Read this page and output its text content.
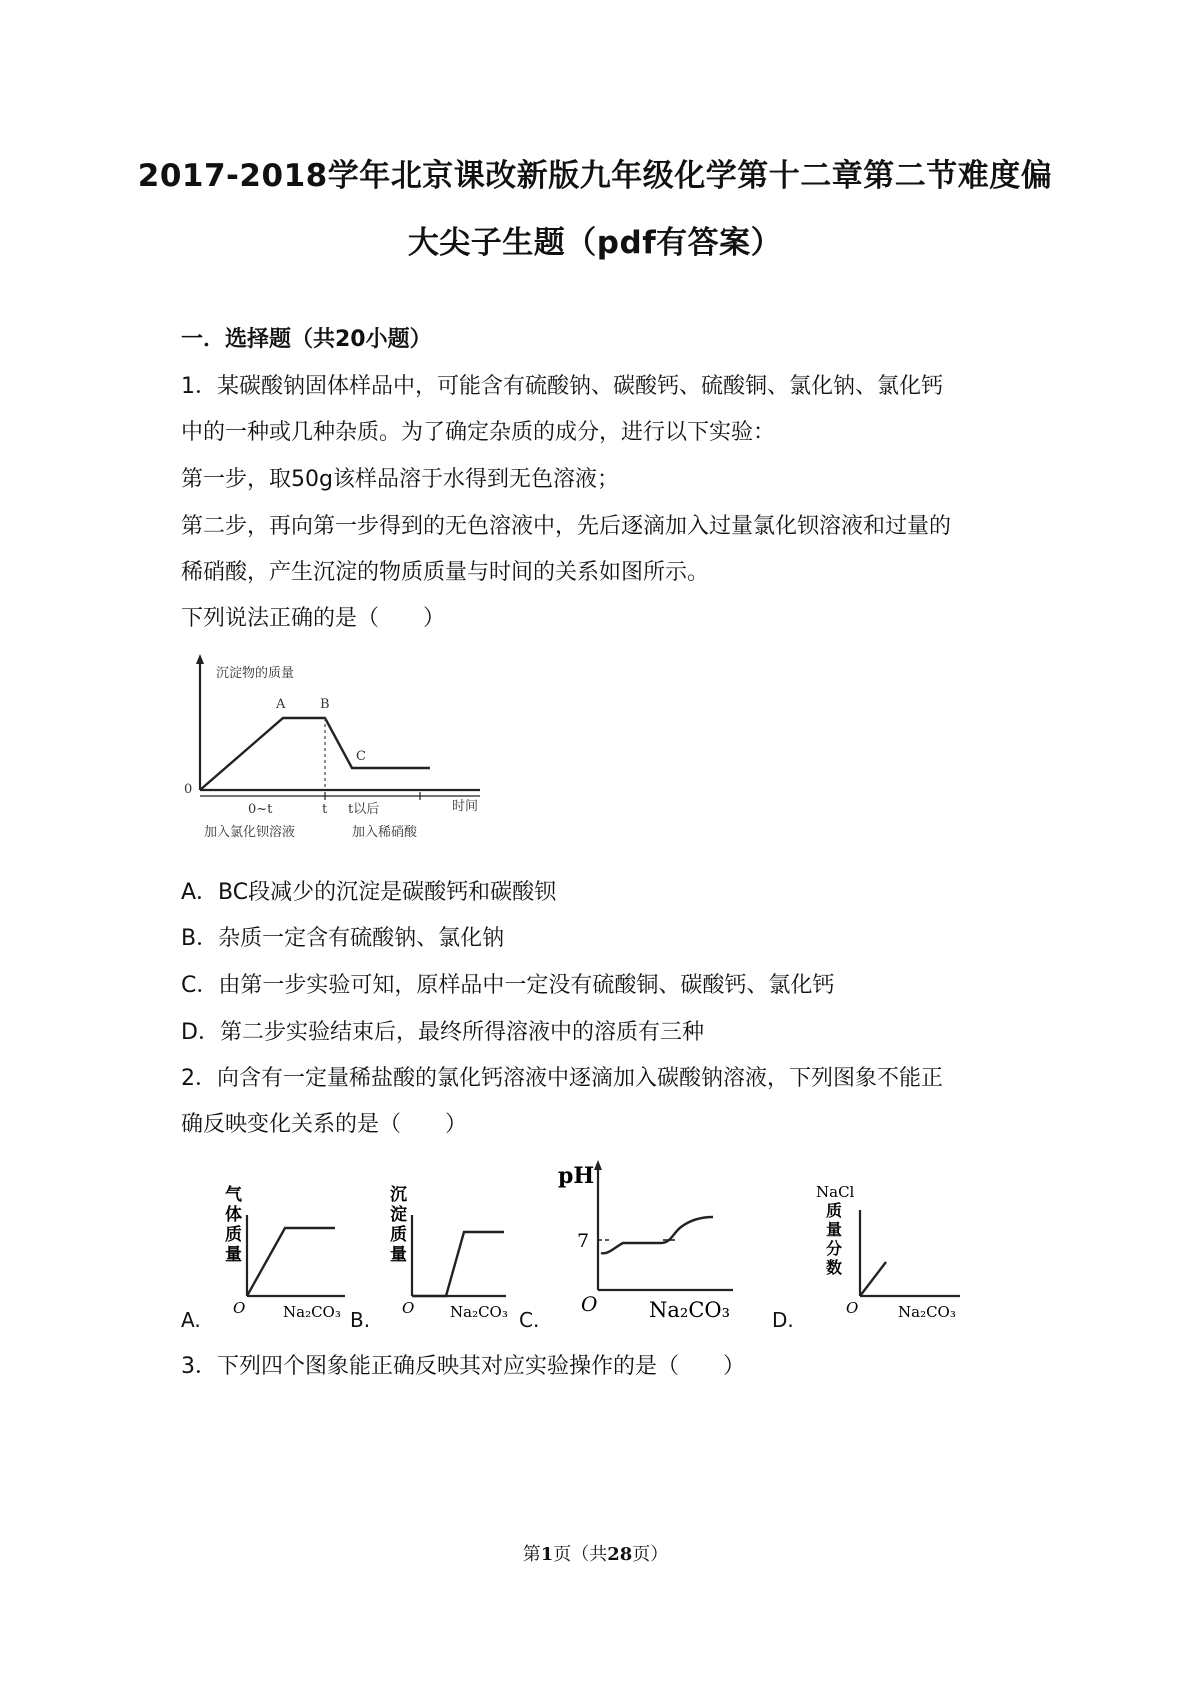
2017-2018学年北京课改新版九年级化学第十二章第二节难度偏
大尖子生题（pdf有答案）
一．选择题（共20小题）
1．某碳酸钠固体样品中，可能含有硫酸钠、碳酸钙、硫酸铜、氯化钠、氯化钙
中的一种或几种杂质。为了确定杂质的成分，进行以下实验：
第一步，取50g该样品溶于水得到无色溶液；
第二步，再向第一步得到的无色溶液中，先后逐滴加入过量氯化钡溶液和过量的
稀硝酸，产生沉淀的物质质量与时间的关系如图所示。
下列说法正确的是（　　）
沉淀物的质量
A	B
C
0
时间
0~t	t t以后
加入氯化钡溶液	加入稀硝酸
A．BC段减少的沉淀是碳酸钙和碳酸钡
B．杂质一定含有硫酸钠、氯化钠
C．由第一步实验可知，原样品中一定没有硫酸铜、碳酸钙、氯化钙
D．第二步实验结束后，最终所得溶液中的溶质有三种
2．向含有一定量稀盐酸的氯化钙溶液中逐滴加入碳酸钠溶液，下列图象不能正
确反映变化关系的是（　　）
A.
气
体
质
量
O	Na₂CO₃ B.
沉
淀
质
量
O Na₂CO₃ C.
pH
7
O Na₂CO₃ D.
NaCl
质
量
分
数
O	Na₂CO₃
3．下列四个图象能正确反映其对应实验操作的是（　　）
第1页（共28页）
